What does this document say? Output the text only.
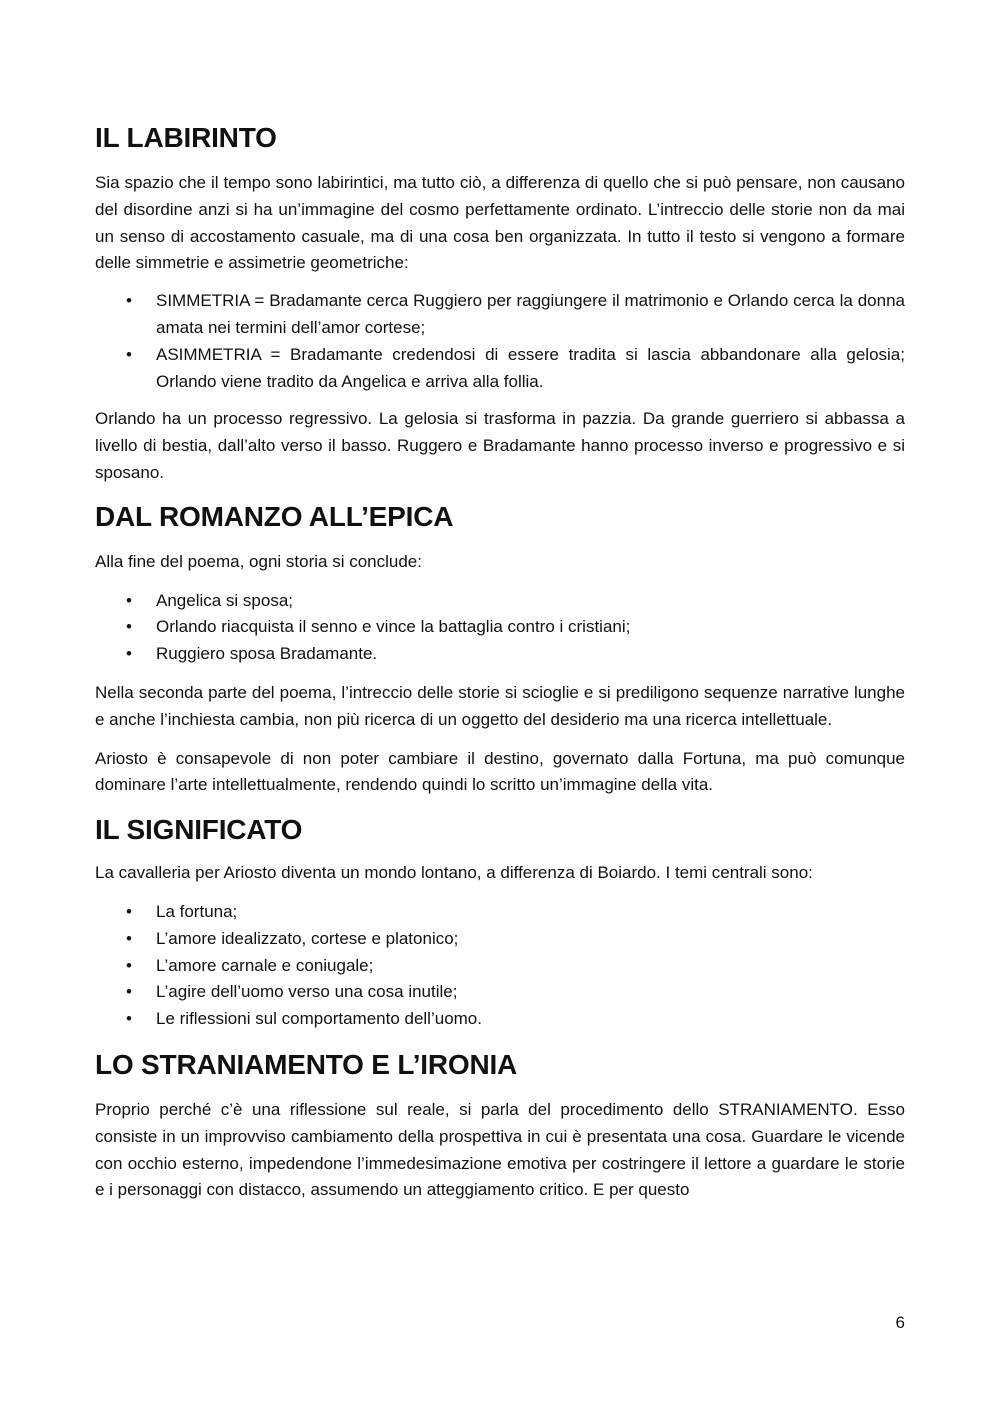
IL LABIRINTO

Sia spazio che il tempo sono labirintici, ma tutto ciò, a differenza di quello che si può pensare, non causano del disordine anzi si ha un’immagine del cosmo perfettamente ordinato. L’intreccio delle storie non da mai un senso di accostamento casuale, ma di una cosa ben organizzata. In tutto il testo si vengono a formare delle simmetrie e assimetrie geometriche:

• SIMMETRIA = Bradamante cerca Ruggiero per raggiungere il matrimonio e Orlando cerca la donna amata nei termini dell’amor cortese;
• ASIMMETRIA = Bradamante credendosi di essere tradita si lascia abbandonare alla gelosia; Orlando viene tradito da Angelica e arriva alla follia.

Orlando ha un processo regressivo. La gelosia si trasforma in pazzia. Da grande guerriero si abbassa a livello di bestia, dall’alto verso il basso. Ruggero e Bradamante hanno processo inverso e progressivo e si sposano.

DAL ROMANZO ALL’EPICA

Alla fine del poema, ogni storia si conclude:

• Angelica si sposa;
• Orlando riacquista il senno e vince la battaglia contro i cristiani;
• Ruggiero sposa Bradamante.

Nella seconda parte del poema, l’intreccio delle storie si scioglie e si prediligono sequenze narrative lunghe e anche l’inchiesta cambia, non più ricerca di un oggetto del desiderio ma una ricerca intellettuale.

Ariosto è consapevole di non poter cambiare il destino, governato dalla Fortuna, ma può comunque dominare l’arte intellettualmente, rendendo quindi lo scritto un’immagine della vita.

IL SIGNIFICATO

La cavalleria per Ariosto diventa un mondo lontano, a differenza di Boiardo. I temi centrali sono:

• La fortuna;
• L’amore idealizzato, cortese e platonico;
• L’amore carnale e coniugale;
• L’agire dell’uomo verso una cosa inutile;
• Le riflessioni sul comportamento dell’uomo.
LO STRANIAMENTO E L’IRONIA

Proprio perché c’è una riflessione sul reale, si parla del procedimento dello STRANIAMENTO. Esso consiste in un improvviso cambiamento della prospettiva in cui è presentata una cosa. Guardare le vicende con occhio esterno, impedendone l’immedesimazione emotiva per costringere il lettore a guardare le storie e i personaggi con distacco, assumendo un atteggiamento critico. E per questo

6
